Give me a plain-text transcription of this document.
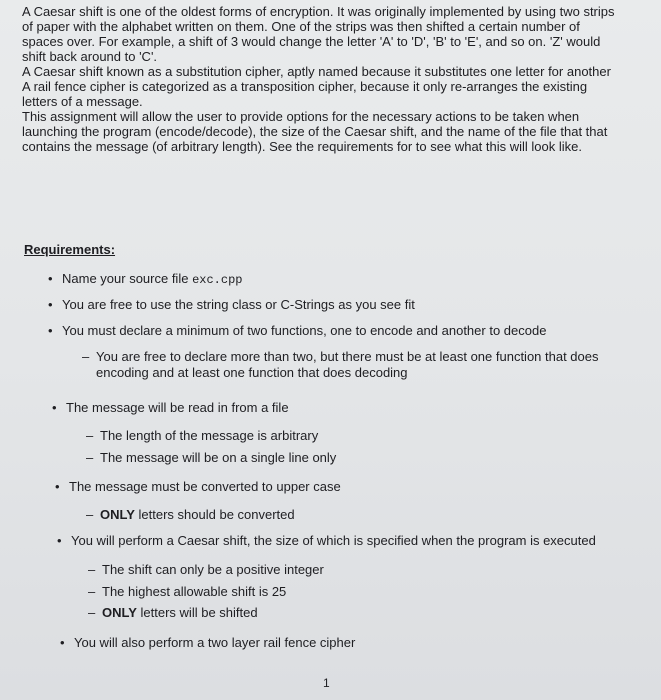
A Caesar shift is one of the oldest forms of encryption. It was originally implemented by using two strips of paper with the alphabet written on them. One of the strips was then shifted a certain number of spaces over. For example, a shift of 3 would change the letter 'A' to 'D', 'B' to 'E', and so on. 'Z' would shift back around to 'C'.

A Caesar shift known as a substitution cipher, aptly named because it substitutes one letter for another

A rail fence cipher is categorized as a transposition cipher, because it only re-arranges the existing letters of a message.

This assignment will allow the user to provide options for the necessary actions to be taken when launching the program (encode/decode), the size of the Caesar shift, and the name of the file that that contains the message (of arbitrary length). See the requirements for to see what this will look like.

Requirements:
• Name your source file exc.cpp
• You are free to use the string class or C-Strings as you see fit
• You must declare a minimum of two functions, one to encode and another to decode
– You are free to declare more than two, but there must be at least one function that does encoding and at least one function that does decoding
• The message will be read in from a file
– The length of the message is arbitrary
– The message will be on a single line only
• The message must be converted to upper case
– ONLY letters should be converted
• You will perform a Caesar shift, the size of which is specified when the program is executed
– The shift can only be a positive integer
– The highest allowable shift is 25
– ONLY letters will be shifted
• You will also perform a two layer rail fence cipher
1
